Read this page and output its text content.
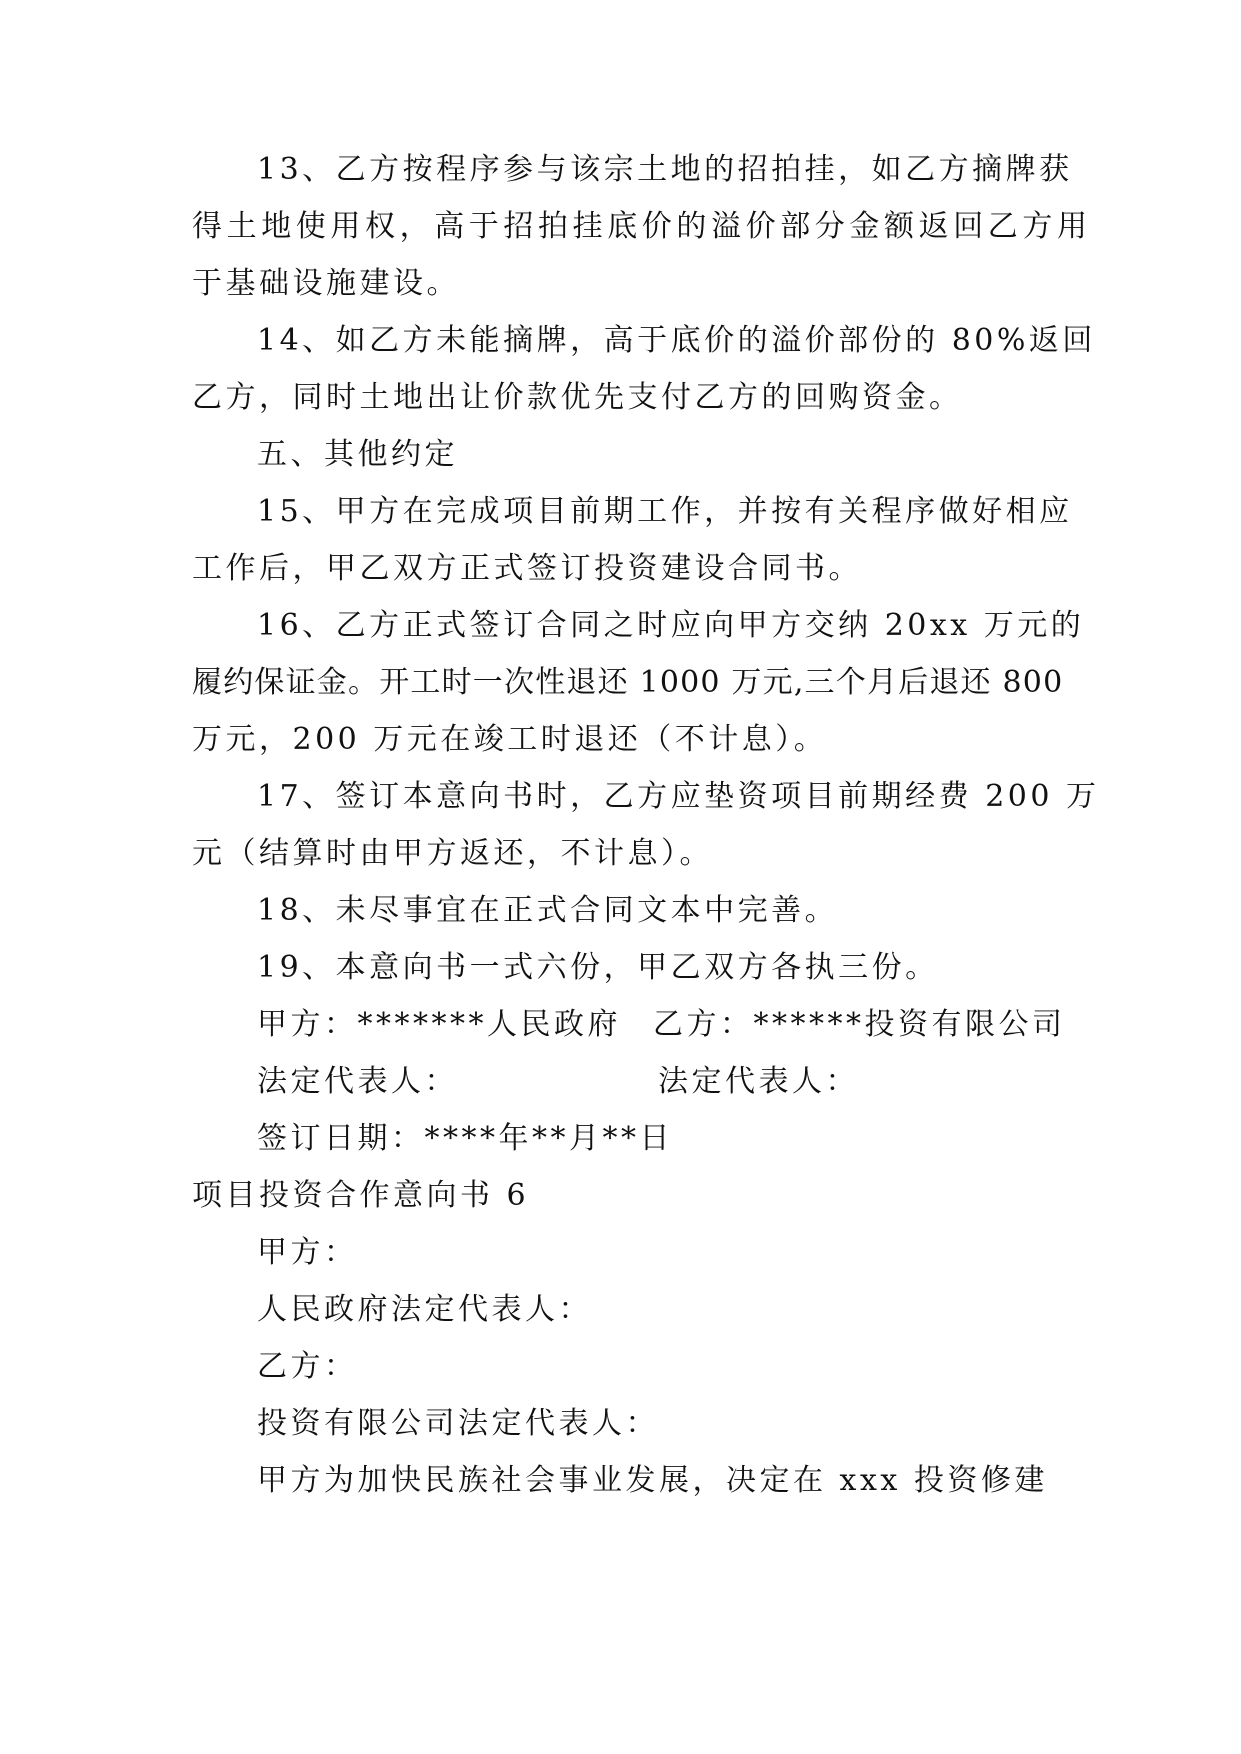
13、乙方按程序参与该宗土地的招拍挂，如乙方摘牌获
得土地使用权，高于招拍挂底价的溢价部分金额返回乙方用
于基础设施建设。
14、如乙方未能摘牌，高于底价的溢价部份的 80%返回
乙方，同时土地出让价款优先支付乙方的回购资金。
五、其他约定
15、甲方在完成项目前期工作，并按有关程序做好相应
工作后，甲乙双方正式签订投资建设合同书。
16、乙方正式签订合同之时应向甲方交纳 20xx 万元的
履约保证金。开工时一次性退还 1000 万元,三个月后退还 800
万元，200 万元在竣工时退还（不计息）。
17、签订本意向书时，乙方应垫资项目前期经费 200 万
元（结算时由甲方返还，不计息）。
18、未尽事宜在正式合同文本中完善。
19、本意向书一式六份，甲乙双方各执三份。
甲方：*******人民政府 乙方：******投资有限公司
法定代表人：	法定代表人：
签订日期：****年**月**日
项目投资合作意向书 6
甲方：
人民政府法定代表人：
乙方：
投资有限公司法定代表人：
甲方为加快民族社会事业发展，决定在 xxx 投资修建
